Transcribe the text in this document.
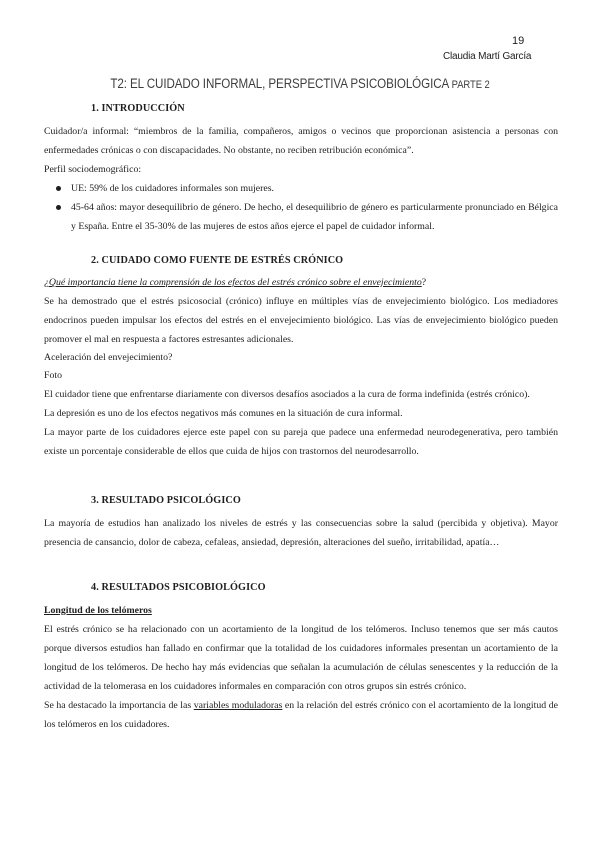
19
Claudia Martí García
T2: EL CUIDADO INFORMAL, PERSPECTIVA PSICOBIOLÓGICA PARTE 2
1. INTRODUCCIÓN

Cuidador/a informal: “miembros de la familia, compañeros, amigos o vecinos que proporcionan asistencia a personas con enfermedades crónicas o con discapacidades. No obstante, no reciben retribución económica”.

Perfil sociodemográfico:

UE: 59% de los cuidadores informales son mujeres.
45-64 años: mayor desequilibrio de género. De hecho, el desequilibrio de género es particularmente pronunciado en Bélgica y España. Entre el 35-30% de las mujeres de estos años ejerce el papel de cuidador informal.
2. CUIDADO COMO FUENTE DE ESTRÉS CRÓNICO

¿Qué importancia tiene la comprensión de los efectos del estrés crónico sobre el envejecimiento?

Se ha demostrado que el estrés psicosocial (crónico) influye en múltiples vías de envejecimiento biológico. Los mediadores endocrinos pueden impulsar los efectos del estrés en el envejecimiento biológico. Las vías de envejecimiento biológico pueden promover el mal en respuesta a factores estresantes adicionales.

Aceleración del envejecimiento?

Foto

El cuidador tiene que enfrentarse diariamente con diversos desafíos asociados a la cura de forma indefinida (estrés crónico).

La depresión es uno de los efectos negativos más comunes en la situación de cura informal.

La mayor parte de los cuidadores ejerce este papel con su pareja que padece una enfermedad neurodegenerativa, pero también existe un porcentaje considerable de ellos que cuida de hijos con trastornos del neurodesarrollo.

3. RESULTADO PSICOLÓGICO

La mayoría de estudios han analizado los niveles de estrés y las consecuencias sobre la salud (percibida y objetiva). Mayor presencia de cansancio, dolor de cabeza, cefaleas, ansiedad, depresión, alteraciones del sueño, irritabilidad, apatía…

4. RESULTADOS PSICOBIOLÓGICO

Longitud de los telómeros

El estrés crónico se ha relacionado con un acortamiento de la longitud de los telómeros. Incluso tenemos que ser más cautos porque diversos estudios han fallado en confirmar que la totalidad de los cuidadores informales presentan un acortamiento de la longitud de los telómeros. De hecho hay más evidencias que señalan la acumulación de células senescentes y la reducción de la actividad de la telomerasa en los cuidadores informales en comparación con otros grupos sin estrés crónico.

Se ha destacado la importancia de las variables moduladoras en la relación del estrés crónico con el acortamiento de la longitud de los telómeros en los cuidadores.
